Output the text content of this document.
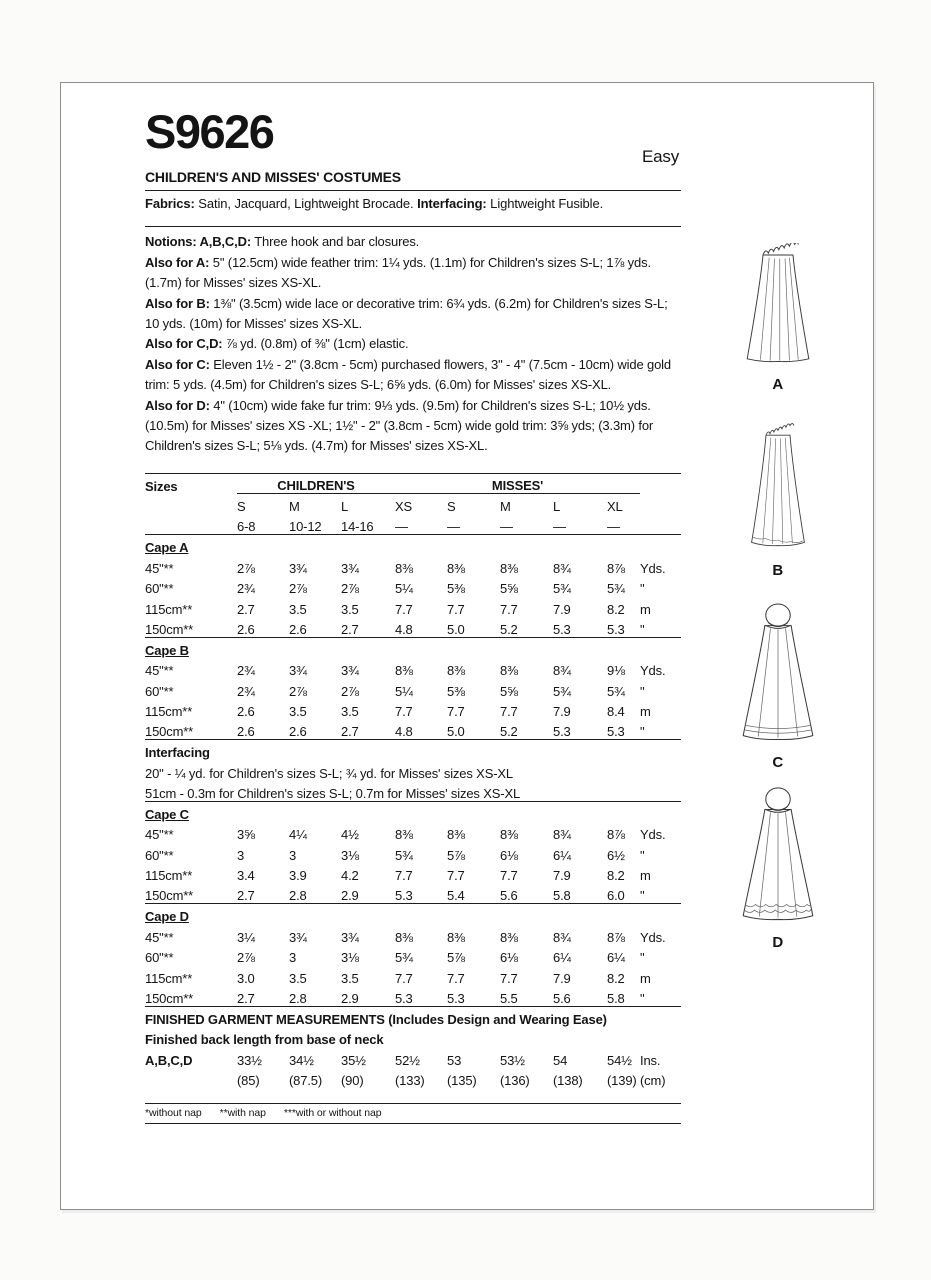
S9626	Easy
CHILDREN'S AND MISSES' COSTUMES
Fabrics: Satin, Jacquard, Lightweight Brocade. Interfacing: Lightweight Fusible.
Notions: A,B,C,D: Three hook and bar closures.
Also for A: 5" (12.5cm) wide feather trim: 1¼ yds. (1.1m) for Children's sizes S-L; 1⅞ yds. (1.7m) for Misses' sizes XS-XL.
Also for B: 1⅜" (3.5cm) wide lace or decorative trim: 6¾ yds. (6.2m) for Children's sizes S-L; 10 yds. (10m) for Misses' sizes XS-XL.
Also for C,D: ⅞ yd. (0.8m) of ⅜" (1cm) elastic.
Also for C: Eleven 1½ - 2" (3.8cm - 5cm) purchased flowers, 3" - 4" (7.5cm - 10cm) wide gold trim: 5 yds. (4.5m) for Children's sizes S-L; 6⅝ yds. (6.0m) for Misses' sizes XS-XL.
Also for D: 4" (10cm) wide fake fur trim: 9⅓ yds. (9.5m) for Children's sizes S-L; 10½ yds. (10.5m) for Misses' sizes XS -XL; 1½" - 2" (3.8cm - 5cm) wide gold trim: 3⅝ yds; (3.3m) for Children's sizes S-L; 5⅛ yds. (4.7m) for Misses' sizes XS-XL.
Sizes	CHILDREN'S			MISSES'					
	S	M	L	XS	S	M	L	XL	
	6-8	10-12	14-16	—	—	—	—	—	
Cape A									
45"**	2⅞	3¾	3¾	8⅜	8⅜	8⅜	8¾	8⅞	Yds.
60"**	2¾	2⅞	2⅞	5¼	5⅜	5⅝	5¾	5¾	"
115cm**	2.7	3.5	3.5	7.7	7.7	7.7	7.9	8.2	m
150cm**	2.6	2.6	2.7	4.8	5.0	5.2	5.3	5.3	"
Cape B									
45"**	2¾	3¾	3¾	8⅜	8⅜	8⅜	8¾	9⅛	Yds.
60"**	2¾	2⅞	2⅞	5¼	5⅜	5⅝	5¾	5¾	"
115cm**	2.6	3.5	3.5	7.7	7.7	7.7	7.9	8.4	m
150cm**	2.6	2.6	2.7	4.8	5.0	5.2	5.3	5.3	"
Interfacing									
20" - ¼ yd. for Children's sizes S-L; ¾ yd. for Misses' sizes XS-XL									
51cm - 0.3m for Children's sizes S-L; 0.7m for Misses' sizes XS-XL									
Cape C									
45"**	3⅝	4¼	4½	8⅜	8⅜	8⅜	8¾	8⅞	Yds.
60"**	3	3	3⅛	5¾	5⅞	6⅛	6¼	6½	"
115cm**	3.4	3.9	4.2	7.7	7.7	7.7	7.9	8.2	m
150cm**	2.7	2.8	2.9	5.3	5.4	5.6	5.8	6.0	"
Cape D									
45"**	3¼	3¾	3¾	8⅜	8⅜	8⅜	8¾	8⅞	Yds.
60"**	2⅞	3	3⅛	5¾	5⅞	6⅛	6¼	6¼	"
115cm**	3.0	3.5	3.5	7.7	7.7	7.7	7.9	8.2	m
150cm**	2.7	2.8	2.9	5.3	5.3	5.5	5.6	5.8	"
FINISHED GARMENT MEASUREMENTS (Includes Design and Wearing Ease)									
Finished back length from base of neck									
A,B,C,D	33½	34½	35½	52½	53	53½	54	54½	Ins.
	(85)	(87.5)	(90)	(133)	(135)	(136)	(138)	(139)	(cm)
*without nap **with nap ***with or without nap
A
B
C
D
